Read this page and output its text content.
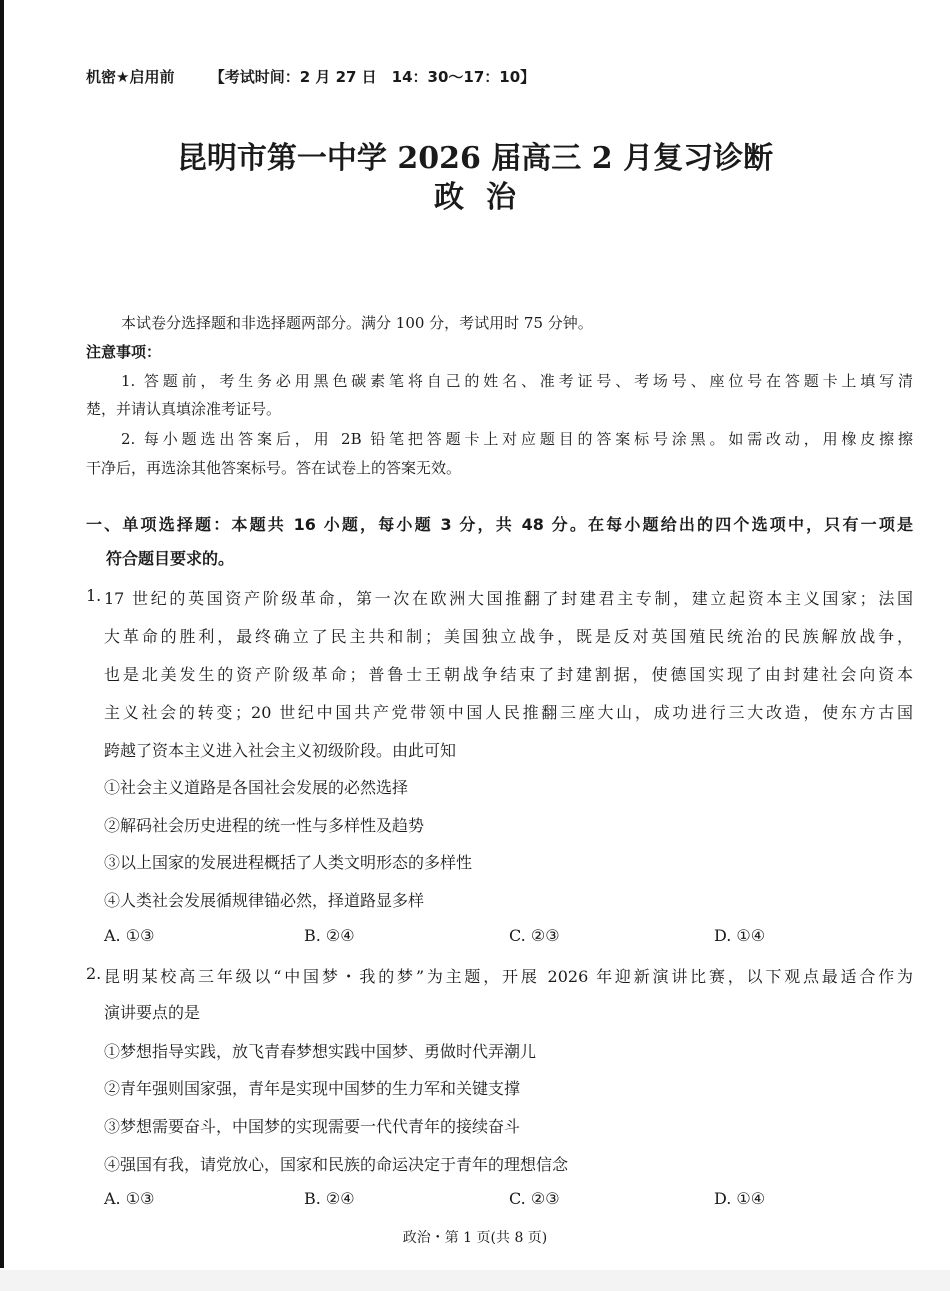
机密★启用前 【考试时间：2 月 27 日　14：30～17：10】
昆明市第一中学 2026 届高三 2 月复习诊断
政治
本试卷分选择题和非选择题两部分。满分 100 分，考试用时 75 分钟。
注意事项：
1. 答题前，考生务必用黑色碳素笔将自己的姓名、准考证号、考场号、座位号在答题卡上填写清
楚，并请认真填涂准考证号。
2. 每小题选出答案后，用 2B 铅笔把答题卡上对应题目的答案标号涂黑。如需改动，用橡皮擦擦
干净后，再选涂其他答案标号。答在试卷上的答案无效。
一、单项选择题：本题共 16 小题，每小题 3 分，共 48 分。在每小题给出的四个选项中，只有一项是
符合题目要求的。
1. 17 世纪的英国资产阶级革命，第一次在欧洲大国推翻了封建君主专制，建立起资本主义国家；法国
大革命的胜利，最终确立了民主共和制；美国独立战争，既是反对英国殖民统治的民族解放战争，
也是北美发生的资产阶级革命；普鲁士王朝战争结束了封建割据，使德国实现了由封建社会向资本
主义社会的转变；20 世纪中国共产党带领中国人民推翻三座大山，成功进行三大改造，使东方古国
跨越了资本主义进入社会主义初级阶段。由此可知
①社会主义道路是各国社会发展的必然选择
②解码社会历史进程的统一性与多样性及趋势
③以上国家的发展进程概括了人类文明形态的多样性
④人类社会发展循规律锚必然，择道路显多样
A. ①③	B. ②④	C. ②③	D. ①④
2. 昆明某校高三年级以“中国梦・我的梦”为主题，开展 2026 年迎新演讲比赛，以下观点最适合作为
演讲要点的是
①梦想指导实践，放飞青春梦想实践中国梦、勇做时代弄潮儿
②青年强则国家强，青年是实现中国梦的生力军和关键支撑
③梦想需要奋斗，中国梦的实现需要一代代青年的接续奋斗
④强国有我，请党放心，国家和民族的命运决定于青年的理想信念
A. ①③	B. ②④	C. ②③	D. ①④
政治・第 1 页(共 8 页)
